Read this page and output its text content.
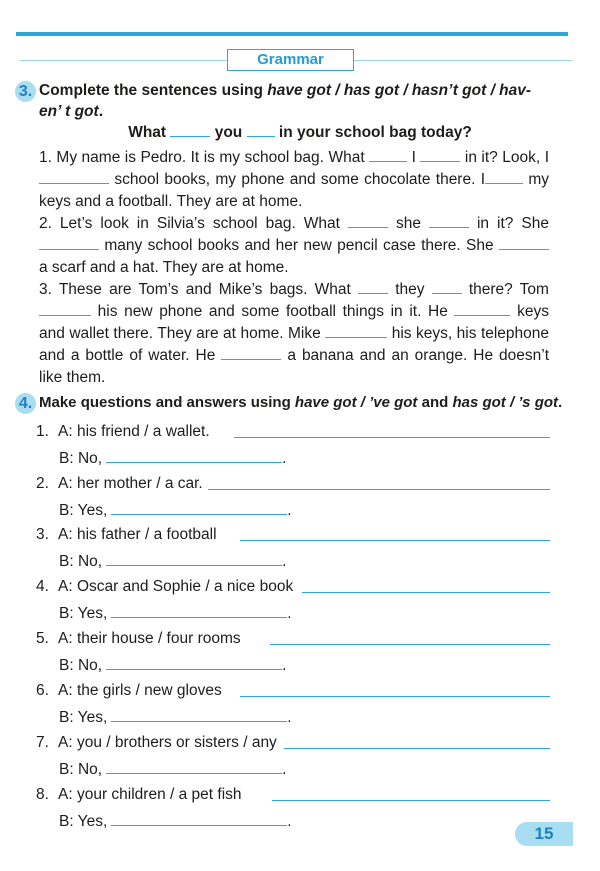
Grammar
3. Complete the sentences using have got / has got / hasn’t got / hav-
en’ t got.
What	you in your school bag today?
1. My name is Pedro. It is my school bag. What	I	in it? Look, I school books, my phone and some chocolate there. I	my keys and a football. They are at home.
2. Let’s look in Silvia’s school bag. What	she	in it? She  many school books and her new pencil case there. She  a scarf and a hat. They are at home.
3. These are Tom’s and Mike’s bags. What	they	there? Tom  his new phone and some football things in it. He	keys and wallet there. They are at home. Mike	his keys, his telephone and a bottle of water. He	a banana and an orange. He doesn’t like them.
4. Make questions and answers using have got / ’ve got and has got / ’s got.
1. A: his friend / a wallet.
B: No,	.
2. A: her mother / a car.
B: Yes,	.
3. A: his father / a football
B: No,	.
4. A: Oscar and Sophie / a nice book
B: Yes,	.
5. A: their house / four rooms
B: No,	.
6. A: the girls / new gloves
B: Yes,	.
7. A: you / brothers or sisters / any
B: No,	.
8. A: your children / a pet fish
B: Yes,	.
15
